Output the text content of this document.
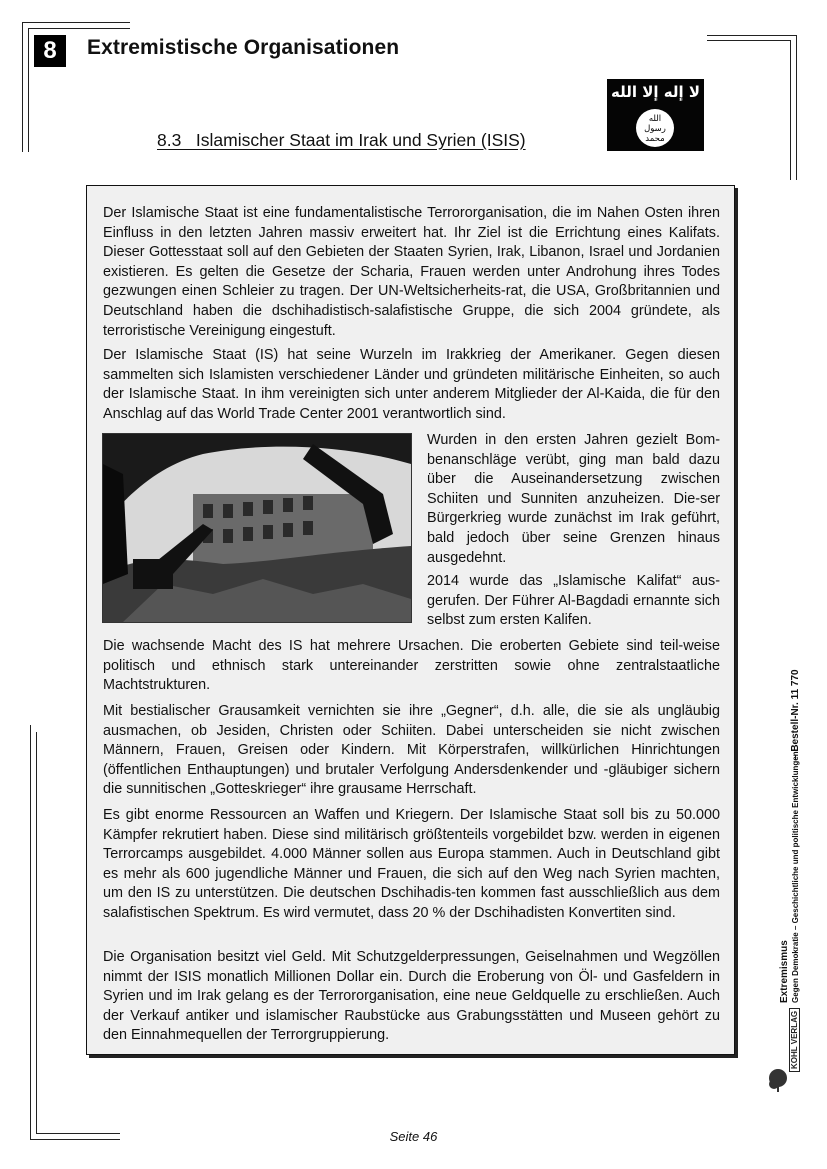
8	Extremistische Organisationen
8.3   Islamischer Staat im Irak und Syrien (ISIS)
لا إله إلا الله
الله
رسول
محمد
Der Islamische Staat ist eine fundamentalistische Terrororganisation, die im Nahen Osten ihren Einfluss in den letzten Jahren massiv erweitert hat. Ihr Ziel ist die Errichtung eines Kalifats. Dieser Gottesstaat soll auf den Gebieten der Staaten Syrien, Irak, Libanon, Israel und Jordanien existieren. Es gelten die Gesetze der Scharia, Frauen werden unter Androhung ihres Todes gezwungen einen Schleier zu tragen. Der UN-Weltsicherheits-rat, die USA, Großbritannien und Deutschland haben die dschihadistisch-salafistische Gruppe, die sich 2004 gründete, als terroristische Vereinigung eingestuft.
Der Islamische Staat (IS) hat seine Wurzeln im Irakkrieg der Amerikaner. Gegen diesen sammelten sich Islamisten verschiedener Länder und gründeten militärische Einheiten, so auch der Islamische Staat. In ihm vereinigten sich unter anderem Mitglieder der Al-Kaida, die für den Anschlag auf das World Trade Center 2001 verantwortlich sind.
Wurden in den ersten Jahren gezielt Bom-benanschläge verübt, ging man bald dazu über die Auseinandersetzung zwischen Schiiten und Sunniten anzuheizen. Die-ser Bürgerkrieg wurde zunächst im Irak geführt, bald jedoch über seine Grenzen hinaus ausgedehnt.
2014 wurde das „Islamische Kalifat“ aus-gerufen. Der Führer Al-Bagdadi ernannte sich selbst zum ersten Kalifen.
Die wachsende Macht des IS hat mehrere Ursachen. Die eroberten Gebiete sind teil-weise politisch und ethnisch stark untereinander zerstritten sowie ohne zentralstaatliche Machtstrukturen.
Mit bestialischer Grausamkeit vernichten sie ihre „Gegner“, d.h. alle, die sie als ungläubig ausmachen, ob Jesiden, Christen oder Schiiten. Dabei unterscheiden sie nicht zwischen Männern, Frauen, Greisen oder Kindern. Mit Körperstrafen, willkürlichen Hinrichtungen (öffentlichen Enthauptungen) und brutaler Verfolgung Andersdenkender und -gläubiger sichern die sunnitischen „Gotteskrieger“ ihre grausame Herrschaft.
Es gibt enorme Ressourcen an Waffen und Kriegern. Der Islamische Staat soll bis zu 50.000 Kämpfer rekrutiert haben. Diese sind militärisch größtenteils vorgebildet bzw. werden in eigenen Terrorcamps ausgebildet. 4.000 Männer sollen aus Europa stammen. Auch in Deutschland gibt es mehr als 600 jugendliche Männer und Frauen, die sich auf den Weg nach Syrien machten, um den IS zu unterstützen. Die deutschen Dschihadis-ten kommen fast ausschließlich aus dem salafistischen Spektrum. Es wird vermutet, dass 20 % der Dschihadisten Konvertiten sind.
Die Organisation besitzt viel Geld. Mit Schutzgelderpressungen, Geiselnahmen und Wegzöllen nimmt der ISIS monatlich Millionen Dollar ein. Durch die Eroberung von Öl- und Gasfeldern in Syrien und im Irak gelang es der Terrororganisation, eine neue Geldquelle zu erschließen. Auch der Verkauf antiker und islamischer Raubstücke aus Grabungsstätten und Museen gehört zu den Einnahmequellen der Terrorgruppierung.
– Bestell-Nr. 11 770
Gegen Demokratie – Geschichtliche und politische Entwicklungen
Extremismus
KOHL VERLAG
Seite 46
